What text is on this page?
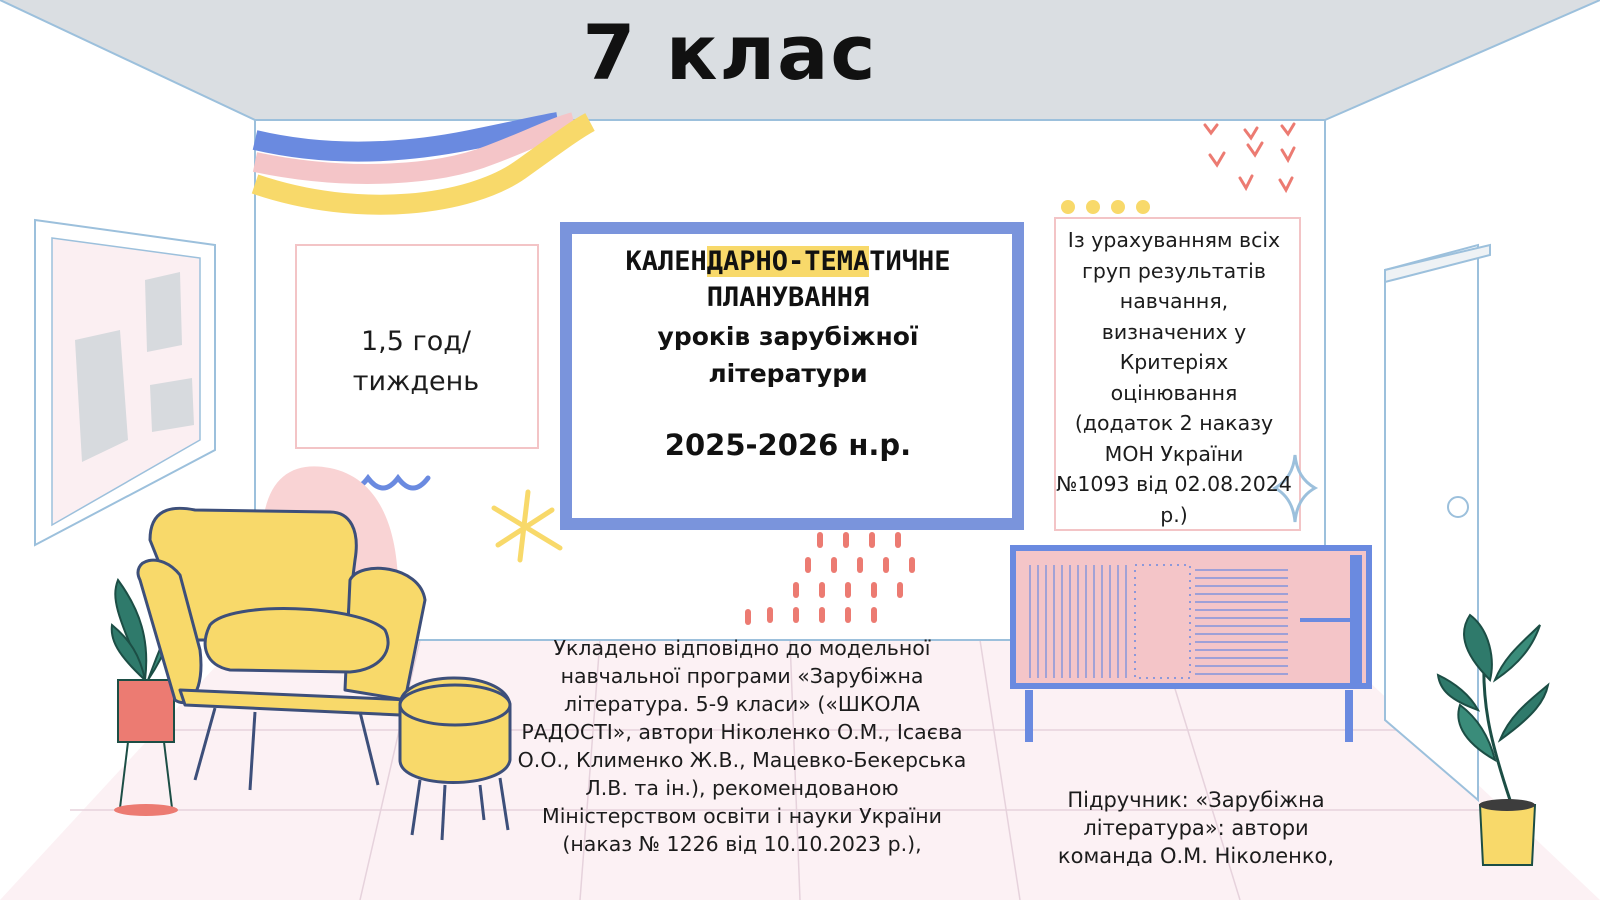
7 клас
1,5 год/
тиждень
КАЛЕНДАРНО-ТЕМАТИЧНЕ
ПЛАНУВАННЯ
уроків зарубіжної
літератури
2025-2026 н.р.
Із урахуванням всіх
груп результатів
навчання,
визначених у
Критеріях
оцінювання
(додаток 2 наказу
МОН України
№1093 від 02.08.2024
р.)
Укладено відповідно до модельної
навчальної програми «Зарубіжна
література. 5-9 класи» («ШКОЛА
РАДОСТІ», автори Ніколенко О.М., Ісаєва
О.О., Клименко Ж.В., Мацевко-Бекерська
Л.В. та ін.), рекомендованою
Міністерством освіти і науки України
(наказ № 1226 від 10.10.2023 р.),
Підручник: «Зарубіжна
література»: автори
команда О.М. Ніколенко,
